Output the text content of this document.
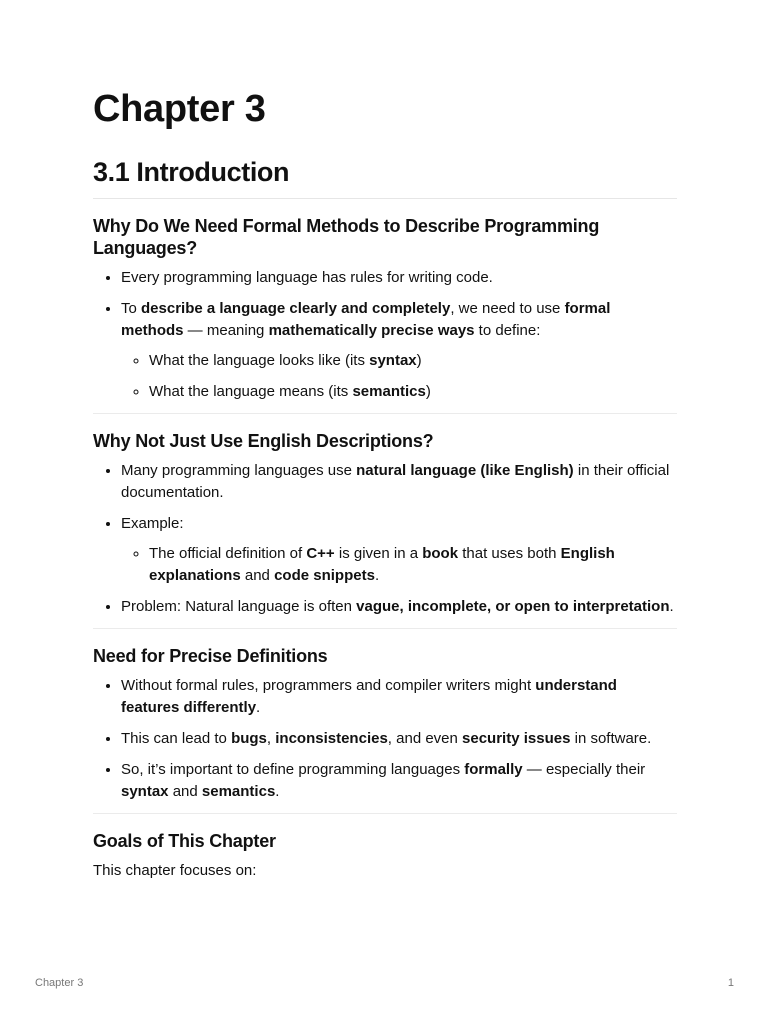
Chapter 3
3.1 Introduction
Why Do We Need Formal Methods to Describe Programming Languages?
• Every programming language has rules for writing code.
• To describe a language clearly and completely, we need to use formal methods — meaning mathematically precise ways to define:
◦ What the language looks like (its syntax)
◦ What the language means (its semantics)
Why Not Just Use English Descriptions?
• Many programming languages use natural language (like English) in their official documentation.
• Example:
◦ The official definition of C++ is given in a book that uses both English explanations and code snippets.
• Problem: Natural language is often vague, incomplete, or open to interpretation.
Need for Precise Definitions
• Without formal rules, programmers and compiler writers might understand features differently.
• This can lead to bugs, inconsistencies, and even security issues in software.
• So, it’s important to define programming languages formally — especially their syntax and semantics.
Goals of This Chapter

This chapter focuses on:

Chapter 3	1
